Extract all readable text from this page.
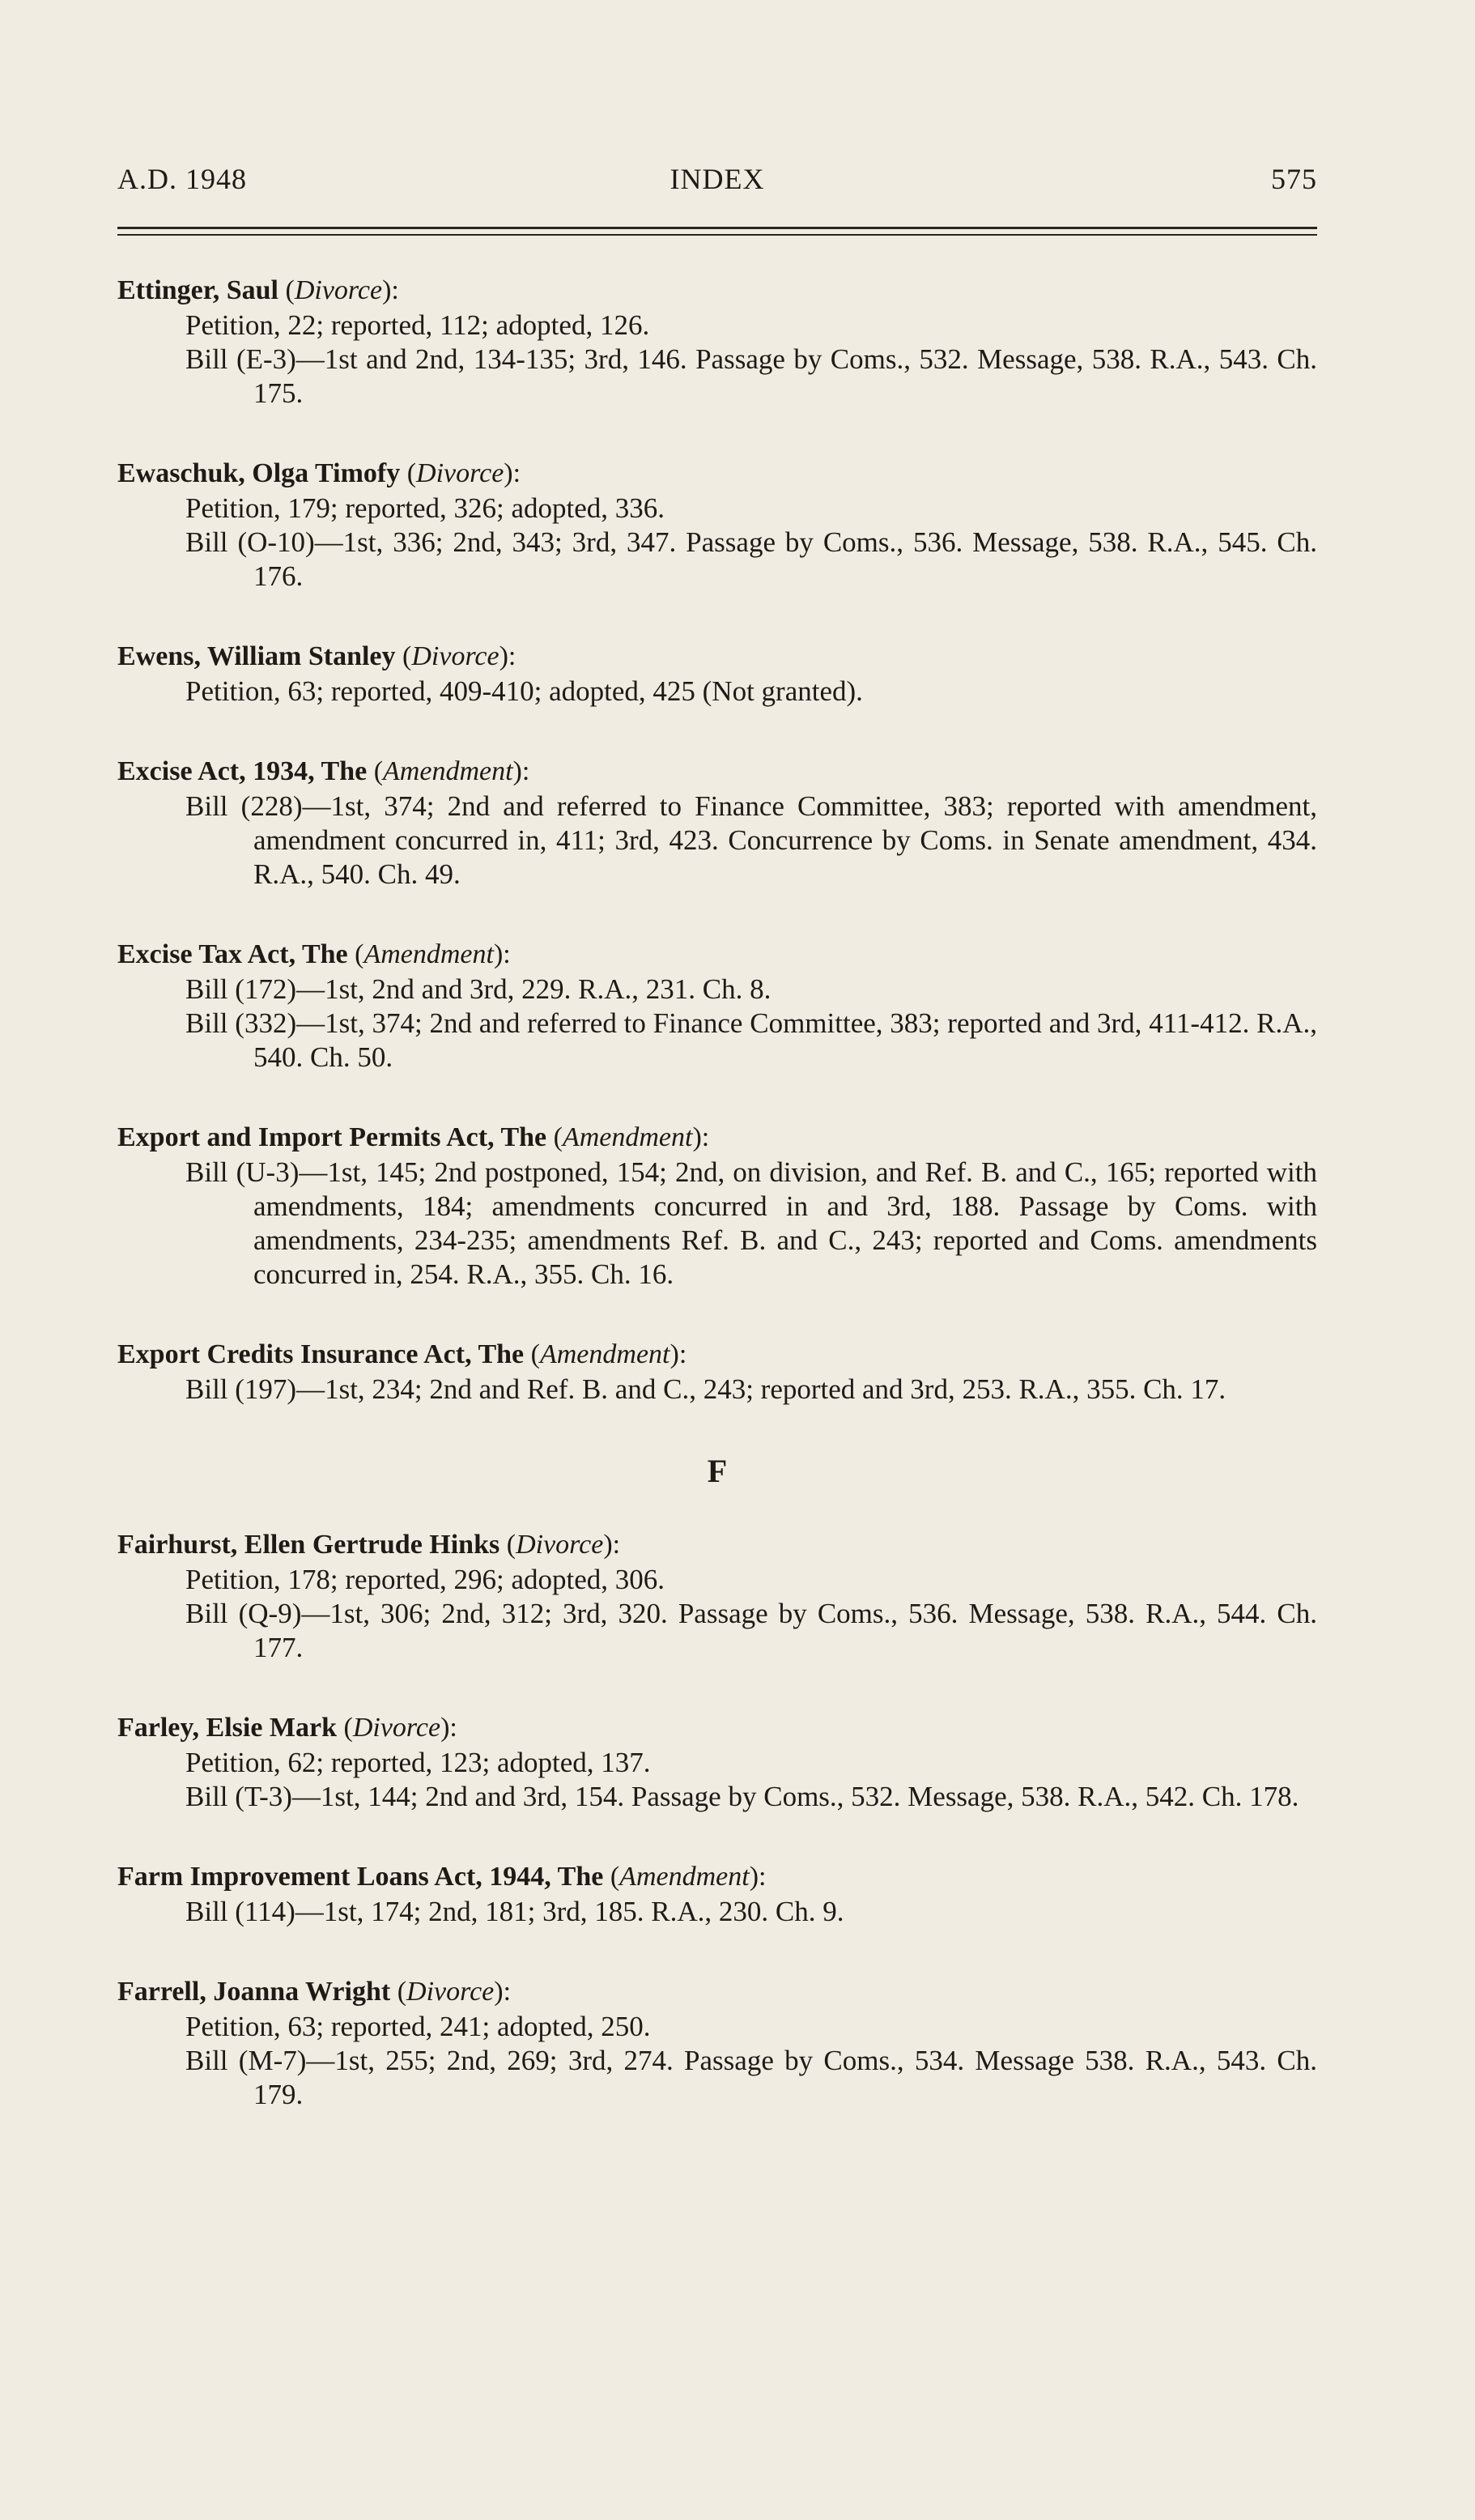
A.D. 1948	INDEX	575
Ettinger, Saul (Divorce):
Petition, 22; reported, 112; adopted, 126.
Bill (E-3)—1st and 2nd, 134-135; 3rd, 146. Passage by Coms., 532. Message, 538. R.A., 543. Ch. 175.
Ewaschuk, Olga Timofy (Divorce):
Petition, 179; reported, 326; adopted, 336.
Bill (O-10)—1st, 336; 2nd, 343; 3rd, 347. Passage by Coms., 536. Message, 538. R.A., 545. Ch. 176.
Ewens, William Stanley (Divorce):
Petition, 63; reported, 409-410; adopted, 425 (Not granted).
Excise Act, 1934, The (Amendment):
Bill (228)—1st, 374; 2nd and referred to Finance Committee, 383; reported with amendment, amendment concurred in, 411; 3rd, 423. Concurrence by Coms. in Senate amendment, 434. R.A., 540. Ch. 49.
Excise Tax Act, The (Amendment):
Bill (172)—1st, 2nd and 3rd, 229. R.A., 231. Ch. 8.
Bill (332)—1st, 374; 2nd and referred to Finance Committee, 383; reported and 3rd, 411-412. R.A., 540. Ch. 50.
Export and Import Permits Act, The (Amendment):
Bill (U-3)—1st, 145; 2nd postponed, 154; 2nd, on division, and Ref. B. and C., 165; reported with amendments, 184; amendments concurred in and 3rd, 188. Passage by Coms. with amendments, 234-235; amendments Ref. B. and C., 243; reported and Coms. amendments concurred in, 254. R.A., 355. Ch. 16.
Export Credits Insurance Act, The (Amendment):
Bill (197)—1st, 234; 2nd and Ref. B. and C., 243; reported and 3rd, 253. R.A., 355. Ch. 17.
F
Fairhurst, Ellen Gertrude Hinks (Divorce):
Petition, 178; reported, 296; adopted, 306.
Bill (Q-9)—1st, 306; 2nd, 312; 3rd, 320. Passage by Coms., 536. Message, 538. R.A., 544. Ch. 177.
Farley, Elsie Mark (Divorce):
Petition, 62; reported, 123; adopted, 137.
Bill (T-3)—1st, 144; 2nd and 3rd, 154. Passage by Coms., 532. Message, 538. R.A., 542. Ch. 178.
Farm Improvement Loans Act, 1944, The (Amendment):
Bill (114)—1st, 174; 2nd, 181; 3rd, 185. R.A., 230. Ch. 9.
Farrell, Joanna Wright (Divorce):
Petition, 63; reported, 241; adopted, 250.
Bill (M-7)—1st, 255; 2nd, 269; 3rd, 274. Passage by Coms., 534. Message 538. R.A., 543. Ch. 179.
